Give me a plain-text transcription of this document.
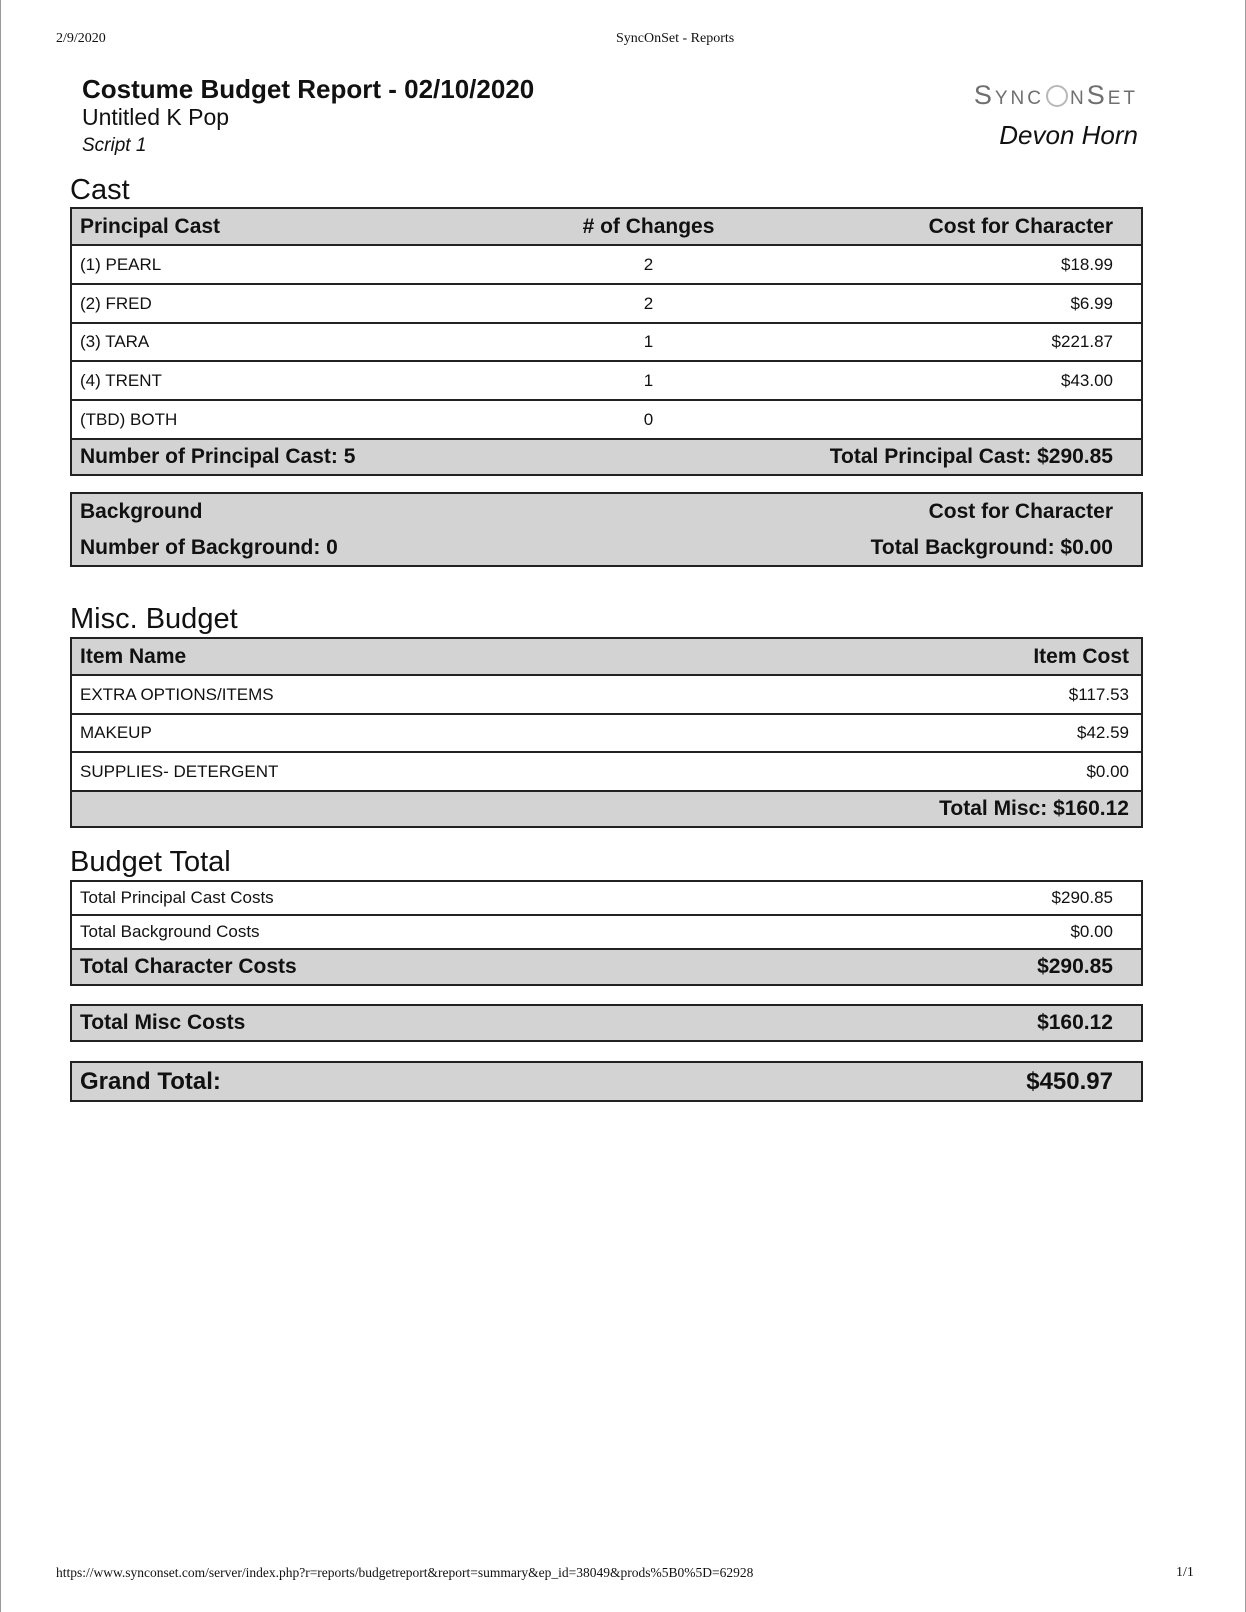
2/9/2020	SyncOnSet - Reports
Costume Budget Report - 02/10/2020
Untitled K Pop
Script 1
Sync nSet
Devon Horn
Cast
Principal Cast	# of Changes	Cost for Character
(1) PEARL	2	$18.99
(2) FRED	2	$6.99
(3) TARA	1	$221.87
(4) TRENT	1	$43.00
(TBD) BOTH	0	
Number of Principal Cast: 5		Total Principal Cast: $290.85
Background	Cost for Character
Number of Background: 0	Total Background: $0.00
Misc. Budget
Item Name	Item Cost
EXTRA OPTIONS/ITEMS	$117.53
MAKEUP	$42.59
SUPPLIES- DETERGENT	$0.00
	Total Misc: $160.12
Budget Total
Total Principal Cast Costs	$290.85
Total Background Costs	$0.00
Total Character Costs	$290.85
Total Misc Costs	$160.12
Grand Total:	$450.97
https://www.synconset.com/server/index.php?r=reports/budgetreport&report=summary&ep_id=38049&prods%5B0%5D=62928	1/1
